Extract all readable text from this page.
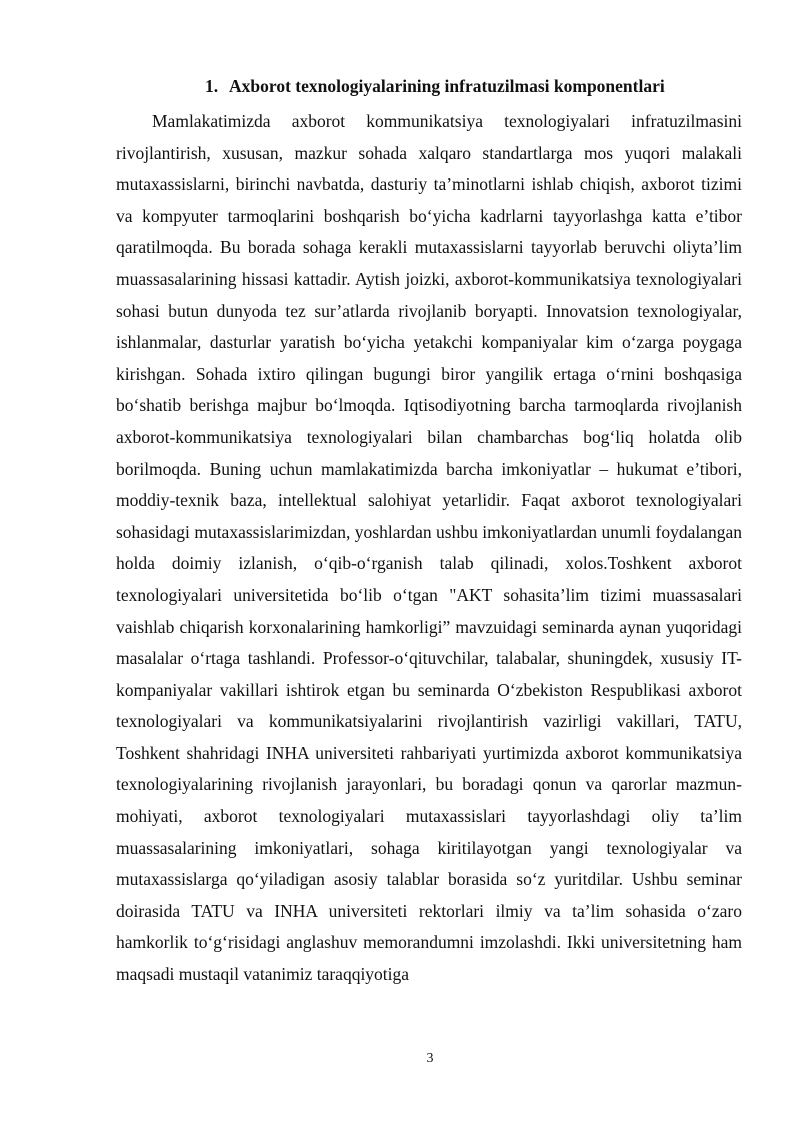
1. Axborot texnologiyalarining infratuzilmasi komponentlari

Mamlakatimizda axborot kommunikatsiya texnologiyalari infratuzilmasini rivojlantirish, xususan, mazkur sohada xalqaro standartlarga mos yuqori malakali mutaxassislarni, birinchi navbatda, dasturiy ta’minotlarni ishlab chiqish, axborot tizimi va kompyuter tarmoqlarini boshqarish bo‘yicha kadrlarni tayyorlashga katta e’tibor qaratilmoqda. Bu borada sohaga kerakli mutaxassislarni tayyorlab beruvchi oliyta’lim muassasalarining hissasi kattadir. Aytish joizki, axborot-kommunikatsiya texnologiyalari sohasi butun dunyoda tez sur’atlarda rivojlanib boryapti. Innovatsion texnologiyalar, ishlanmalar, dasturlar yaratish bo‘yicha yetakchi kompaniyalar kim o‘zarga poygaga kirishgan. Sohada ixtiro qilingan bugungi biror yangilik ertaga o‘rnini boshqasiga bo‘shatib berishga majbur bo‘lmoqda. Iqtisodiyotning barcha tarmoqlarda rivojlanish axborot-kommunikatsiya texnologiyalari bilan chambarchas bog‘liq holatda olib borilmoqda. Buning uchun mamlakatimizda barcha imkoniyatlar – hukumat e’tibori, moddiy-texnik baza, intellektual salohiyat yetarlidir. Faqat axborot texnologiyalari sohasidagi mutaxassislarimizdan, yoshlardan ushbu imkoniyatlardan unumli foydalangan holda doimiy izlanish, o‘qib-o‘rganish talab qilinadi, xolos.Toshkent axborot texnologiyalari universitetida bo‘lib o‘tgan "AKT sohasita’lim tizimi muassasalari vaishlab chiqarish korxonalarining hamkorligi” mavzuidagi seminarda aynan yuqoridagi masalalar o‘rtaga tashlandi. Professor-o‘qituvchilar, talabalar, shuningdek, xususiy IT-kompaniyalar vakillari ishtirok etgan bu seminarda O‘zbekiston Respublikasi axborot texnologiyalari va kommunikatsiyalarini rivojlantirish vazirligi vakillari, TATU, Toshkent shahridagi INHA universiteti rahbariyati yurtimizda axborot kommunikatsiya texnologiyalarining rivojlanish jarayonlari, bu boradagi qonun va qarorlar mazmun-mohiyati, axborot texnologiyalari mutaxassislari tayyorlashdagi oliy ta’lim muassasalarining imkoniyatlari, sohaga kiritilayotgan yangi texnologiyalar va mutaxassislarga qo‘yiladigan asosiy talablar borasida so‘z yuritdilar. Ushbu seminar doirasida TATU va INHA universiteti rektorlari ilmiy va ta’lim sohasida o‘zaro hamkorlik to‘g‘risidagi anglashuv memorandumni imzolashdi. Ikki universitetning ham maqsadi mustaqil vatanimiz taraqqiyotiga

3
